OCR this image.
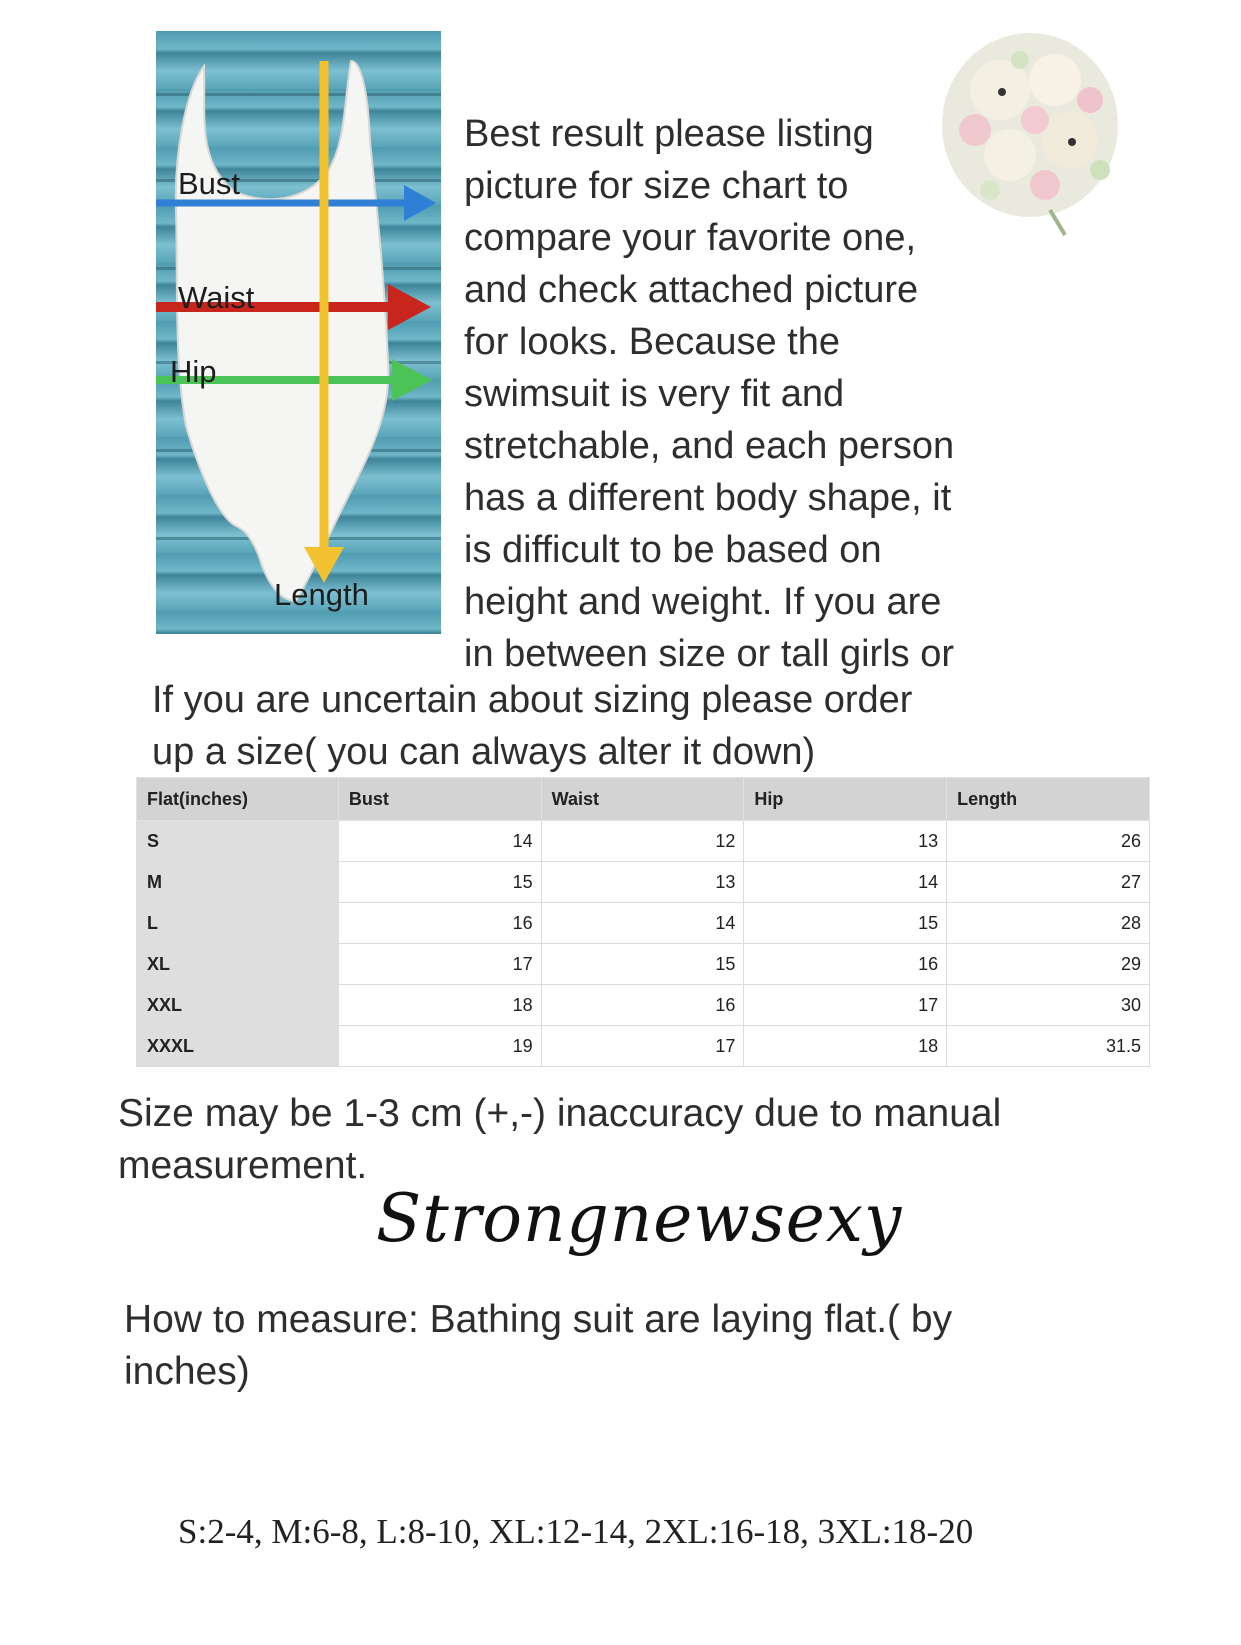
Bust
Waist
Hip
Length
Best result please listing
picture for size chart to
compare your favorite one,
and check attached picture
for looks. Because the
swimsuit is very fit and
stretchable, and each person
has a different body shape, it
is difficult to be based on
height and weight. If you are
in between size or tall girls or
If you are uncertain about sizing please order
up a size( you can always alter it down)
Flat(inches)	Bust	Waist	Hip	Length
S	14	12	13	26
M	15	13	14	27
L	16	14	15	28
XL	17	15	16	29
XXL	18	16	17	30
XXXL	19	17	18	31.5
Size may be 1-3 cm (+,-) inaccuracy due to manual
measurement.
Strongnewsexy
How to measure: Bathing suit are laying flat.( by
inches)
S:2-4, M:6-8, L:8-10, XL:12-14, 2XL:16-18, 3XL:18-20
